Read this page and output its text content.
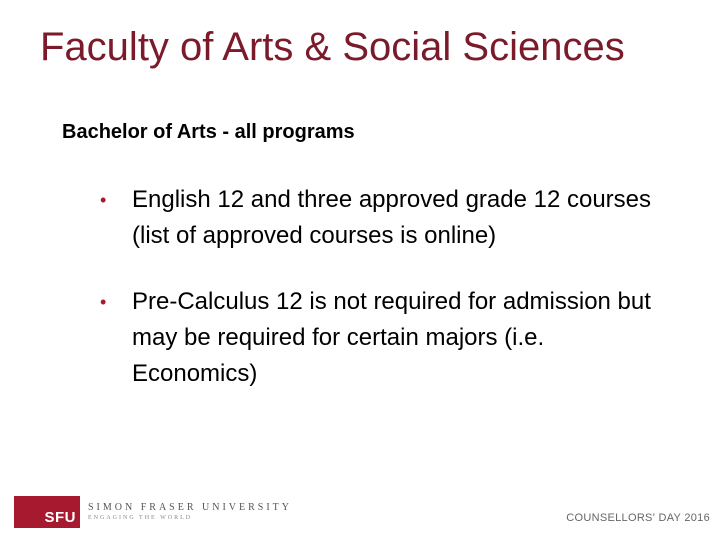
Faculty of Arts & Social Sciences
Bachelor of Arts - all programs
•	English 12 and three approved grade 12 courses (list of approved courses is online)
•	Pre-Calculus 12 is not required for admission but may be required for certain majors (i.e. Economics)
SFU
SIMON FRASER UNIVERSITY
ENGAGING THE WORLD	COUNSELLORS' DAY 2016
